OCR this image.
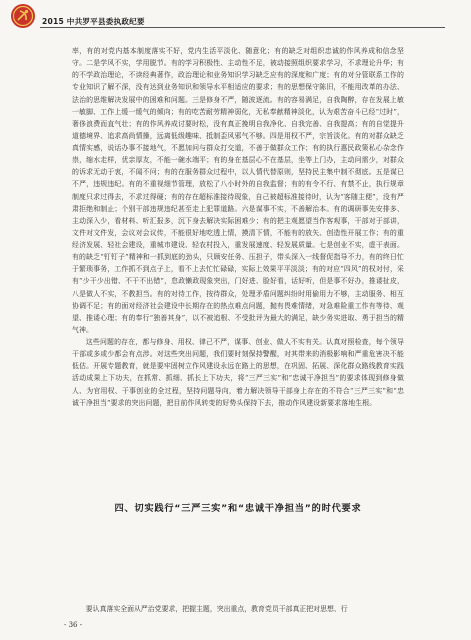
2015 中共罗平县委执政纪要

率，有的对党内基本制度落实不好，党内生活平淡化、随意化；有的缺乏对组织忠诚的作风养成和信念坚守。二是学风不实，学用脱节。有的学习积极性、主动性不足，被动接照组织要求学习，不求理论升华；有的不学政治理论，不读经典著作，政治理论和业务知识学习缺乏应有的深度和广度；有的对分管联系工作的专业知识了解不深，没有达到业务知识和领导水平相适应的要求；有的思想保守陈旧，不能用改革的办法、法治的思维解决发展中的困难和问题。三是修身不严，随波逐流。有的容易满足，自我陶醉，存在发展上敏一敏脚、工作上缓一缓气的倾向；有的吃苦耐劳精神弱化，无私奉献精神淡化，认为艰苦奋斗已经“过时”，奢侈浪费而直气壮；有的作风养成讨要时松，没有真正挽明自我净化、自我完善、自我提高；有的自觉提升道德境界、追求高尚情操，远离低级趣味、抵制歪风邪气不够。四是用权不严，宗旨淡化。有的对群众缺乏真情实感，说话办事不接地气，不愿加问与群众打交道，不善于做群众工作；有的执行惠民政策私心杂念作祟，缩水走样，优亲厚友，不能一碗水端平；有的身在基层心不在基层，坐等上门办，主动问需少，对群众的诉求无动于衷，不闻不问；有的在服务群众过程中，以人情代替原则，坚持民主集中制不彻底。五是谋已不严，违规违纪。有的不重视细节管理，放松了八小时外的自我监督；有的有令不行、有禁不止，执行规章制度只求过得去，不求过得硬；有的存在超标准接待现象，自己被超标准接待时，认为“客随主便”，没有严肃拒绝和制止；个别干部违规违纪甚至走上犯罪道路。六是谋事不实，不善解治本。有的调研事先安排多、主动深入少，看材料、听汇报多，沉下身去解决实际困难少；有的把主观愿望当作客观事，干部对于部讲，文件对文件发，会议对会议传，不能很好地吃透上情，摸清下情，不能有的放矢、创造性开展工作；有的重经济发展、轻社会建设，重城市建设、轻农村投入，重发展速度、轻发展质量。七是创业不实，虚干表面。有的缺乏“钉钉子”精神和一抓到底的劲头，只顾安任务、压担子，带头深入一线督促指导不力，有的终日忙于繁琐事务，工作抓不到点子上，看不上去忙忙碌碌，实际上效果平平淡淡；有的对应“四风”的权对付，采有“少干少出错、不干不出错”，怠政懒政现象突出，门好进、脸好看，话好听，但是事不好办，推诿扯皮，八是做人不实，不教担当。有的对待工作，按待群众，处理矛盾问题纠纷时用偷用力不够，主动服务、相互协调不足；有的面对经济社会建设中长期存在的热点难点问题，抛有畏难情绪，对急难险重工作有等待、观望、推诿心理；有的奉行“独善其身”，以不被追根、不受批评为最大的满足，缺少务实进取、勇于担当的精气神。

这些问题的存在，都与修身、用权、律己不严，谋事、创业、做人不实有关。认真对照检查，每个领导干部或多或少都会有点涉。对这些突出问题，我们要时刻保持警醒，对其带来的消极影响和严重危害决不能低估。开展专题教育，就是要牢固树立作风建设永远在路上的思想，在巩固、拓展、深化群众路线教育实践活动成果上下功夫，在抓常、抓细、抓长上下功夫，将“三严三实”和“忠诚干净担当”的要求体现到修身做人、为官用权、干事创业的全过程，坚持问题导向，着力解决领导干部身上存在的不符合“三严三实”和“忠诚干净担当”要求的突出问题，把目前作风转变的好势头保持下去，推动作风建设新要求落地生根。

四、切实践行“三严三实”和“忠诚干净担当”的时代要求
要认真落实全面从严治党要求，把握主题，突出重点，教育党员干部真正把对思想、行
- 36 -
